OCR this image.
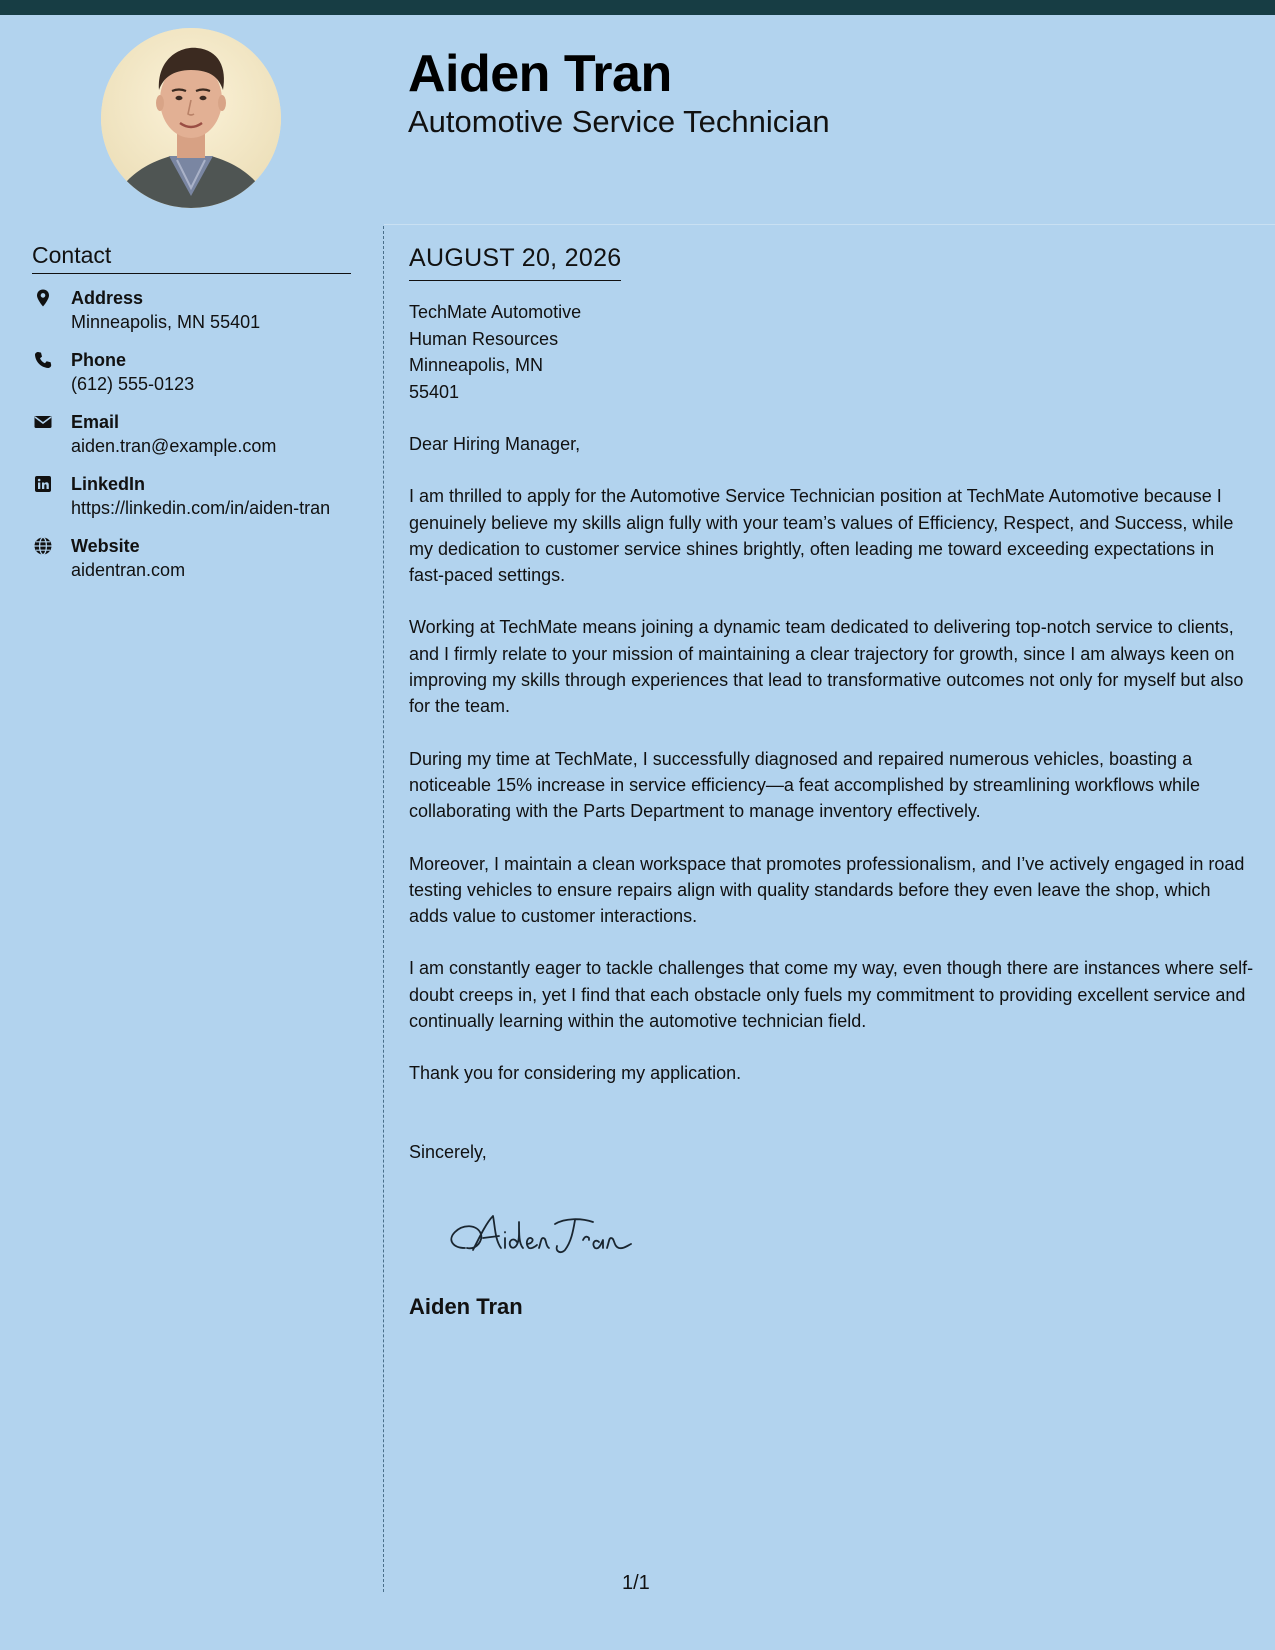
Aiden Tran
Automotive Service Technician
Contact
Address
Minneapolis, MN 55401
Phone
(612) 555-0123
Email
aiden.tran@example.com
LinkedIn
https://linkedin.com/in/aiden-tran
Website
aidentran.com
AUGUST 20, 2026
TechMate Automotive
Human Resources
Minneapolis, MN
55401
Dear Hiring Manager,

I am thrilled to apply for the Automotive Service Technician position at TechMate Automotive because I genuinely believe my skills align fully with your team’s values of Efficiency, Respect, and Success, while my dedication to customer service shines brightly, often leading me toward exceeding expectations in fast-paced settings.

Working at TechMate means joining a dynamic team dedicated to delivering top-notch service to clients, and I firmly relate to your mission of maintaining a clear trajectory for growth, since I am always keen on improving my skills through experiences that lead to transformative outcomes not only for myself but also for the team.

During my time at TechMate, I successfully diagnosed and repaired numerous vehicles, boasting a noticeable 15% increase in service efficiency—a feat accomplished by streamlining workflows while collaborating with the Parts Department to manage inventory effectively.

Moreover, I maintain a clean workspace that promotes professionalism, and I’ve actively engaged in road testing vehicles to ensure repairs align with quality standards before they even leave the shop, which adds value to customer interactions.

I am constantly eager to tackle challenges that come my way, even though there are instances where self-doubt creeps in, yet I find that each obstacle only fuels my commitment to providing excellent service and continually learning within the automotive technician field.

Thank you for considering my application.

Sincerely,
Aiden Tran
1/1
